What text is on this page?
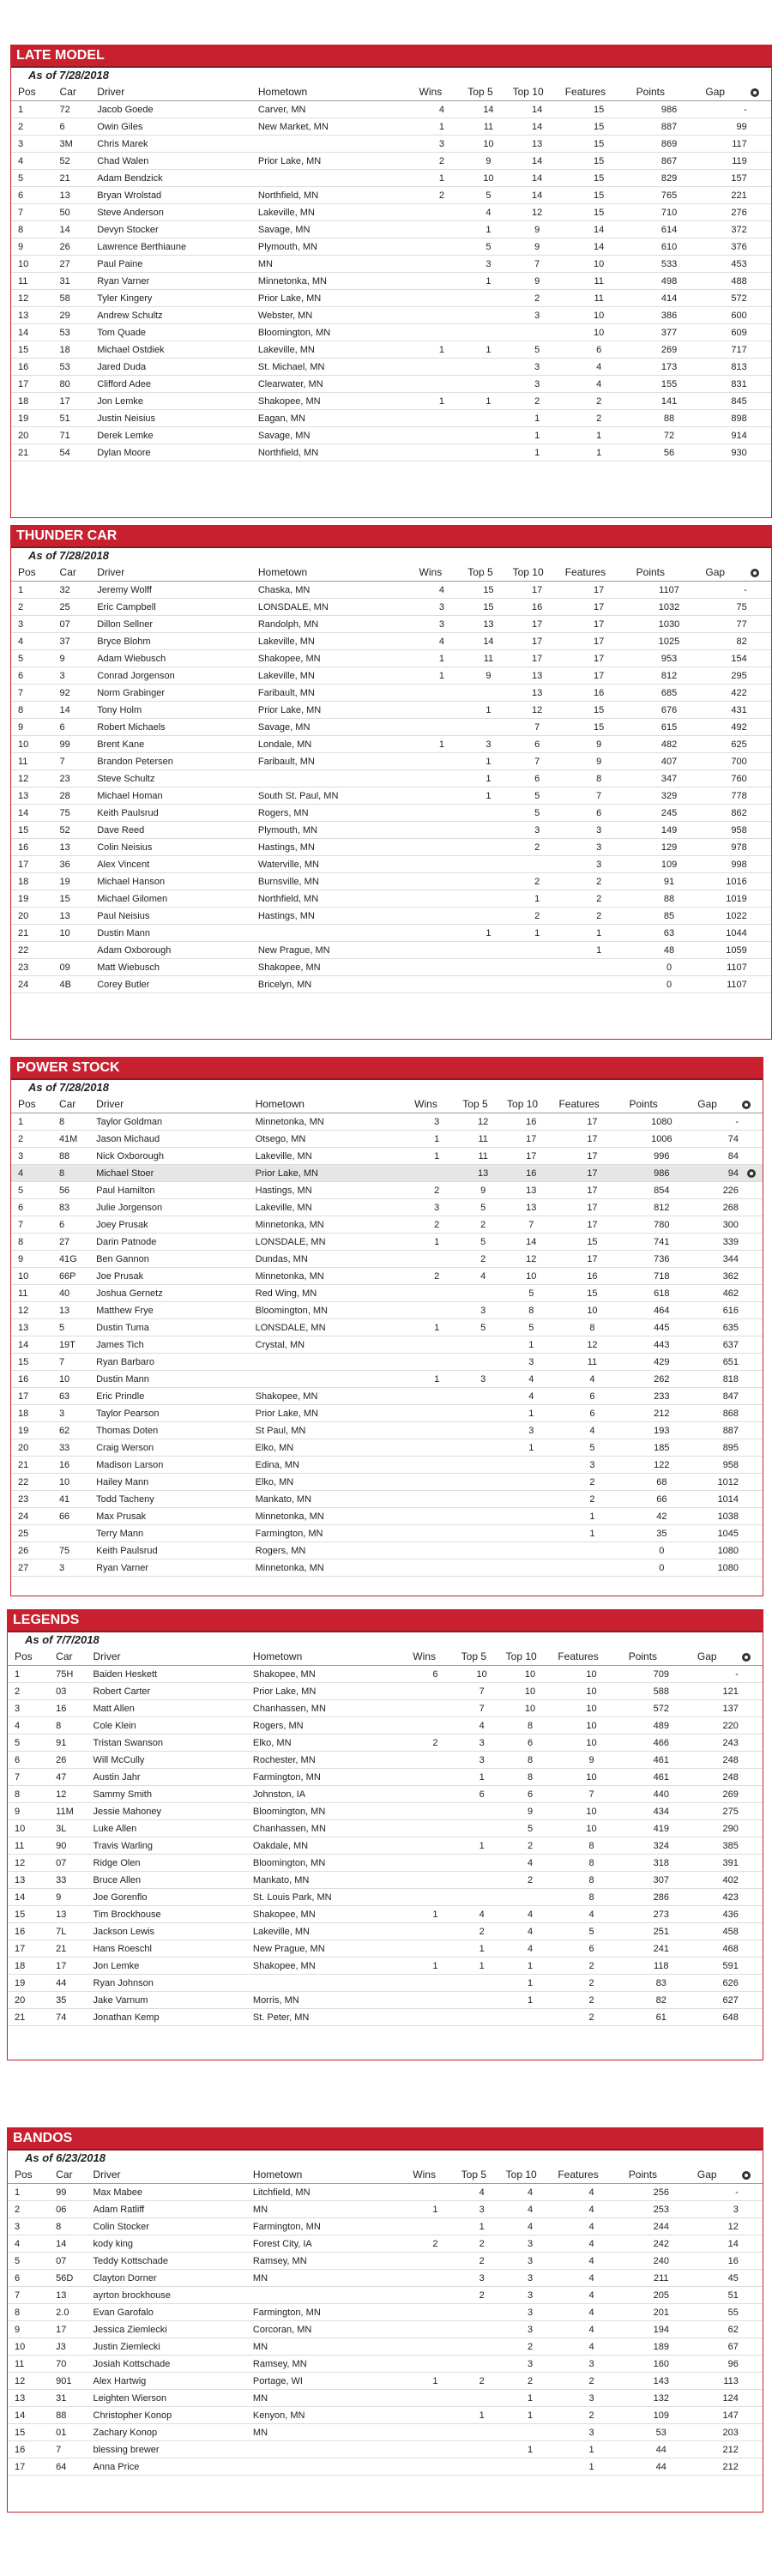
LATE MODEL
As of 7/28/2018
Pos	Car	Driver	Hometown	Wins	Top 5	Top 10	Features	Points	Gap	
1	72	Jacob Goede	Carver, MN	4	14	14	15	986	-	
2	6	Owin Giles	New Market, MN	1	11	14	15	887	99	
3	3M	Chris Marek		3	10	13	15	869	117	
4	52	Chad Walen	Prior Lake, MN	2	9	14	15	867	119	
5	21	Adam Bendzick		1	10	14	15	829	157	
6	13	Bryan Wrolstad	Northfield, MN	2	5	14	15	765	221	
7	50	Steve Anderson	Lakeville, MN		4	12	15	710	276	
8	14	Devyn Stocker	Savage, MN		1	9	14	614	372	
9	26	Lawrence Berthiaune	Plymouth, MN		5	9	14	610	376	
10	27	Paul Paine	MN		3	7	10	533	453	
11	31	Ryan Varner	Minnetonka, MN		1	9	11	498	488	
12	58	Tyler Kingery	Prior Lake, MN			2	11	414	572	
13	29	Andrew Schultz	Webster, MN			3	10	386	600	
14	53	Tom Quade	Bloomington, MN				10	377	609	
15	18	Michael Ostdiek	Lakeville, MN	1	1	5	6	269	717	
16	53	Jared Duda	St. Michael, MN			3	4	173	813	
17	80	Clifford Adee	Clearwater, MN			3	4	155	831	
18	17	Jon Lemke	Shakopee, MN	1	1	2	2	141	845	
19	51	Justin Neisius	Eagan, MN			1	2	88	898	
20	71	Derek Lemke	Savage, MN			1	1	72	914	
21	54	Dylan Moore	Northfield, MN			1	1	56	930	
THUNDER CAR
As of 7/28/2018
Pos	Car	Driver	Hometown	Wins	Top 5	Top 10	Features	Points	Gap	
1	32	Jeremy Wolff	Chaska, MN	4	15	17	17	1107	-	
2	25	Eric Campbell	LONSDALE, MN	3	15	16	17	1032	75	
3	07	Dillon Sellner	Randolph, MN	3	13	17	17	1030	77	
4	37	Bryce Blohm	Lakeville, MN	4	14	17	17	1025	82	
5	9	Adam Wiebusch	Shakopee, MN	1	11	17	17	953	154	
6	3	Conrad Jorgenson	Lakeville, MN	1	9	13	17	812	295	
7	92	Norm Grabinger	Faribault, MN			13	16	685	422	
8	14	Tony Holm	Prior Lake, MN		1	12	15	676	431	
9	6	Robert Michaels	Savage, MN			7	15	615	492	
10	99	Brent Kane	Londale, MN	1	3	6	9	482	625	
11	7	Brandon Petersen	Faribault, MN		1	7	9	407	700	
12	23	Steve Schultz			1	6	8	347	760	
13	28	Michael Homan	South St. Paul, MN		1	5	7	329	778	
14	75	Keith Paulsrud	Rogers, MN			5	6	245	862	
15	52	Dave Reed	Plymouth, MN			3	3	149	958	
16	13	Colin Neisius	Hastings, MN			2	3	129	978	
17	36	Alex Vincent	Waterville, MN				3	109	998	
18	19	Michael Hanson	Burnsville, MN			2	2	91	1016	
19	15	Michael Gilomen	Northfield, MN			1	2	88	1019	
20	13	Paul Neisius	Hastings, MN			2	2	85	1022	
21	10	Dustin Mann			1	1	1	63	1044	
22		Adam Oxborough	New Prague, MN				1	48	1059	
23	09	Matt Wiebusch	Shakopee, MN					0	1107	
24	4B	Corey Butler	Bricelyn, MN					0	1107	
POWER STOCK
As of 7/28/2018
Pos	Car	Driver	Hometown	Wins	Top 5	Top 10	Features	Points	Gap	
1	8	Taylor Goldman	Minnetonka, MN	3	12	16	17	1080	-	
2	41M	Jason Michaud	Otsego, MN	1	11	17	17	1006	74	
3	88	Nick Oxborough	Lakeville, MN	1	11	17	17	996	84	
4	8	Michael Stoer	Prior Lake, MN		13	16	17	986	94	
5	56	Paul Hamilton	Hastings, MN	2	9	13	17	854	226	
6	83	Julie Jorgenson	Lakeville, MN	3	5	13	17	812	268	
7	6	Joey Prusak	Minnetonka, MN	2	2	7	17	780	300	
8	27	Darin Patnode	LONSDALE, MN	1	5	14	15	741	339	
9	41G	Ben Gannon	Dundas, MN		2	12	17	736	344	
10	66P	Joe Prusak	Minnetonka, MN	2	4	10	16	718	362	
11	40	Joshua Gernetz	Red Wing, MN			5	15	618	462	
12	13	Matthew Frye	Bloomington, MN		3	8	10	464	616	
13	5	Dustin Tuma	LONSDALE, MN	1	5	5	8	445	635	
14	19T	James Tich	Crystal, MN			1	12	443	637	
15	7	Ryan Barbaro				3	11	429	651	
16	10	Dustin Mann		1	3	4	4	262	818	
17	63	Eric Prindle	Shakopee, MN			4	6	233	847	
18	3	Taylor Pearson	Prior Lake, MN			1	6	212	868	
19	62	Thomas Doten	St Paul, MN			3	4	193	887	
20	33	Craig Werson	Elko, MN			1	5	185	895	
21	16	Madison Larson	Edina, MN				3	122	958	
22	10	Hailey Mann	Elko, MN				2	68	1012	
23	41	Todd Tacheny	Mankato, MN				2	66	1014	
24	66	Max Prusak	Minnetonka, MN				1	42	1038	
25		Terry Mann	Farmington, MN				1	35	1045	
26	75	Keith Paulsrud	Rogers, MN					0	1080	
27	3	Ryan Varner	Minnetonka, MN					0	1080	
LEGENDS
As of 7/7/2018
Pos	Car	Driver	Hometown	Wins	Top 5	Top 10	Features	Points	Gap	
1	75H	Baiden Heskett	Shakopee, MN	6	10	10	10	709	-	
2	03	Robert Carter	Prior Lake, MN		7	10	10	588	121	
3	16	Matt Allen	Chanhassen, MN		7	10	10	572	137	
4	8	Cole Klein	Rogers, MN		4	8	10	489	220	
5	91	Tristan Swanson	Elko, MN	2	3	6	10	466	243	
6	26	Will McCully	Rochester, MN		3	8	9	461	248	
7	47	Austin Jahr	Farmington, MN		1	8	10	461	248	
8	12	Sammy Smith	Johnston, IA		6	6	7	440	269	
9	11M	Jessie Mahoney	Bloomington, MN			9	10	434	275	
10	3L	Luke Allen	Chanhassen, MN			5	10	419	290	
11	90	Travis Warling	Oakdale, MN		1	2	8	324	385	
12	07	Ridge Olen	Bloomington, MN			4	8	318	391	
13	33	Bruce Allen	Mankato, MN			2	8	307	402	
14	9	Joe Gorenflo	St. Louis Park, MN				8	286	423	
15	13	Tim Brockhouse	Shakopee, MN	1	4	4	4	273	436	
16	7L	Jackson Lewis	Lakeville, MN		2	4	5	251	458	
17	21	Hans Roeschl	New Prague, MN		1	4	6	241	468	
18	17	Jon Lemke	Shakopee, MN	1	1	1	2	118	591	
19	44	Ryan Johnson				1	2	83	626	
20	35	Jake Varnum	Morris, MN			1	2	82	627	
21	74	Jonathan Kemp	St. Peter, MN				2	61	648	
BANDOS
As of 6/23/2018
Pos	Car	Driver	Hometown	Wins	Top 5	Top 10	Features	Points	Gap	
1	99	Max Mabee	Litchfield, MN		4	4	4	256	-	
2	06	Adam Ratliff	MN	1	3	4	4	253	3	
3	8	Colin Stocker	Farmington, MN		1	4	4	244	12	
4	14	kody king	Forest City, IA	2	2	3	4	242	14	
5	07	Teddy Kottschade	Ramsey, MN		2	3	4	240	16	
6	56D	Clayton Dorner	MN		3	3	4	211	45	
7	13	ayrton brockhouse			2	3	4	205	51	
8	2.0	Evan Garofalo	Farmington, MN			3	4	201	55	
9	17	Jessica Ziemlecki	Corcoran, MN			3	4	194	62	
10	J3	Justin Ziemlecki	MN			2	4	189	67	
11	70	Josiah Kottschade	Ramsey, MN			3	3	160	96	
12	901	Alex Hartwig	Portage, WI	1	2	2	2	143	113	
13	31	Leighten Wierson	MN			1	3	132	124	
14	88	Christopher Konop	Kenyon, MN		1	1	2	109	147	
15	01	Zachary Konop	MN				3	53	203	
16	7	blessing brewer				1	1	44	212	
17	64	Anna Price					1	44	212	
